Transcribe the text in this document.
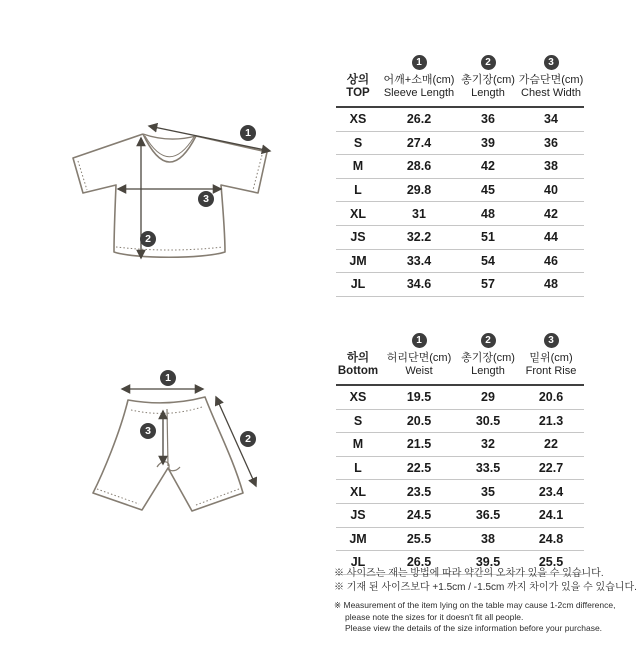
1
2
3
1
2
3
	1	2	3

상의
TOP

어깨+소매(cm)
Sleeve Length

총기장(cm)
Length

가슴단면(cm)
Chest Width

XS	26.2	36	34
S	27.4	39	36
M	28.6	42	38
L	29.8	45	40
XL	31	48	42
JS	32.2	51	44
JM	33.4	54	46
JL	34.6	57	48
	1	2	3

하의
Bottom

허리단면(cm)
Weist

총기장(cm)
Length

밑위(cm)
Front Rise

XS	19.5	29	20.6
S	20.5	30.5	21.3
M	21.5	32	22
L	22.5	33.5	22.7
XL	23.5	35	23.4
JS	24.5	36.5	24.1
JM	25.5	38	24.8
JL	26.5	39.5	25.5
※ 사이즈는 재는 방법에 따라 약간의 오차가 있을 수 있습니다.
※ 기재 된 사이즈보다 +1.5cm / -1.5cm 까지 차이가 있을 수 있습니다.
※ Measurement of the item lying on the table may cause 1-2cm difference,
please note the sizes for it doesn't fit all people.
Please view the details of the size information before your purchase.
